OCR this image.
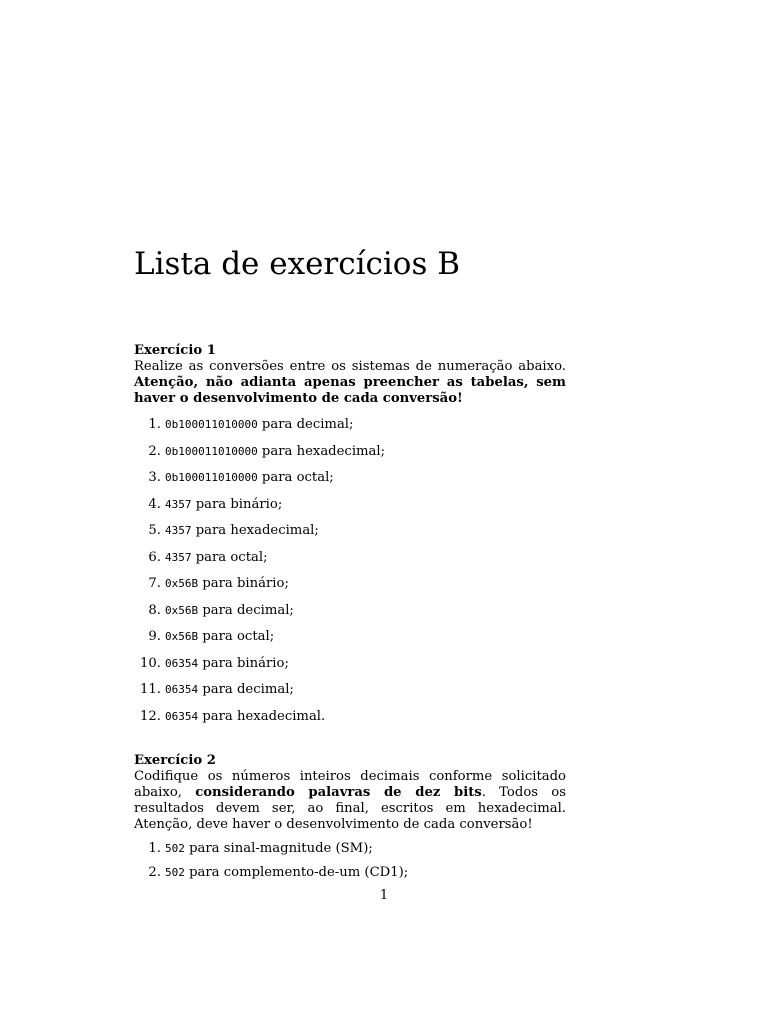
Lista de exercícios B

Exercício 1

Realize as conversões entre os sistemas de numeração abaixo. Atenção, não adianta apenas preencher as tabelas, sem haver o desenvolvimento de cada conversão!

1. 0b100011010000 para decimal;
2. 0b100011010000 para hexadecimal;
3. 0b100011010000 para octal;
4. 4357 para binário;
5. 4357 para hexadecimal;
6. 4357 para octal;
7. 0x56B para binário;
8. 0x56B para decimal;
9. 0x56B para octal;
10. 06354 para binário;
11. 06354 para decimal;
12. 06354 para hexadecimal.

Exercício 2

Codifique os números inteiros decimais conforme solicitado abaixo, considerando palavras de dez bits. Todos os resultados devem ser, ao final, escritos em hexadecimal. Atenção, deve haver o desenvolvimento de cada conversão!

1. 502 para sinal-magnitude (SM);
2. 502 para complemento-de-um (CD1);
1
